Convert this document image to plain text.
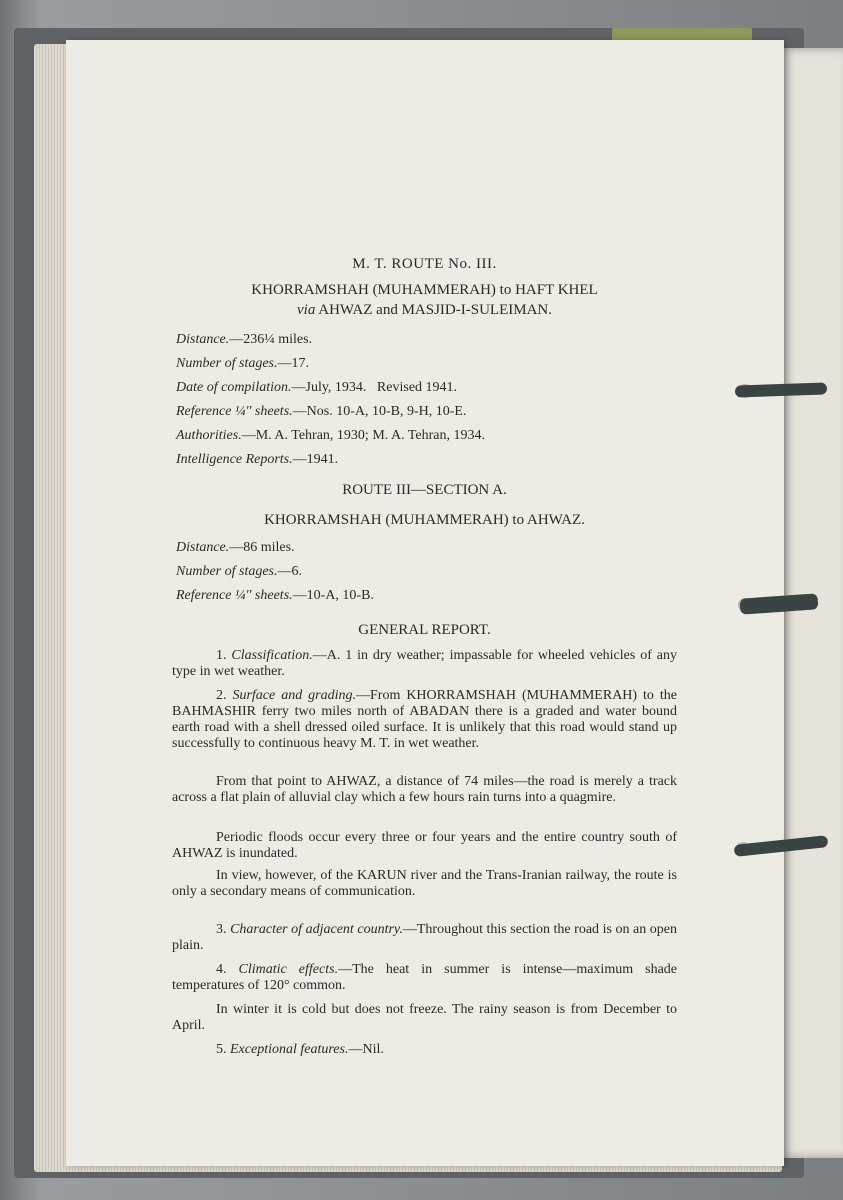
M. T. ROUTE No. III.
KHORRAMSHAH (MUHAMMERAH) to HAFT KHEL
via AHWAZ and MASJID-I-SULEIMAN.
Distance.—236¼ miles.
Number of stages.—17.
Date of compilation.—July, 1934.   Revised 1941.
Reference ¼'' sheets.—Nos. 10-A, 10-B, 9-H, 10-E.
Authorities.—M. A. Tehran, 1930; M. A. Tehran, 1934.
Intelligence Reports.—1941.
ROUTE III—SECTION A.
KHORRAMSHAH (MUHAMMERAH) to AHWAZ.
Distance.—86 miles.
Number of stages.—6.
Reference ¼'' sheets.—10-A, 10-B.
GENERAL REPORT.
1. Classification.—A. 1 in dry weather; impassable for wheeled vehicles of any type in wet weather.
2. Surface and grading.—From KHORRAMSHAH (MUHAMMERAH) to the BAHMASHIR ferry two miles north of ABADAN there is a graded and water bound earth road with a shell dressed oiled surface. It is unlikely that this road would stand up successfully to continuous heavy M. T. in wet weather.
From that point to AHWAZ, a distance of 74 miles—the road is merely a track across a flat plain of alluvial clay which a few hours rain turns into a quagmire.
Periodic floods occur every three or four years and the entire country south of AHWAZ is inundated.
In view, however, of the KARUN river and the Trans-Iranian railway, the route is only a secondary means of communication.
3. Character of adjacent country.—Throughout this section the road is on an open plain.
4. Climatic effects.—The heat in summer is intense—maximum shade temperatures of 120° common.
In winter it is cold but does not freeze. The rainy season is from December to April.
5. Exceptional features.—Nil.
